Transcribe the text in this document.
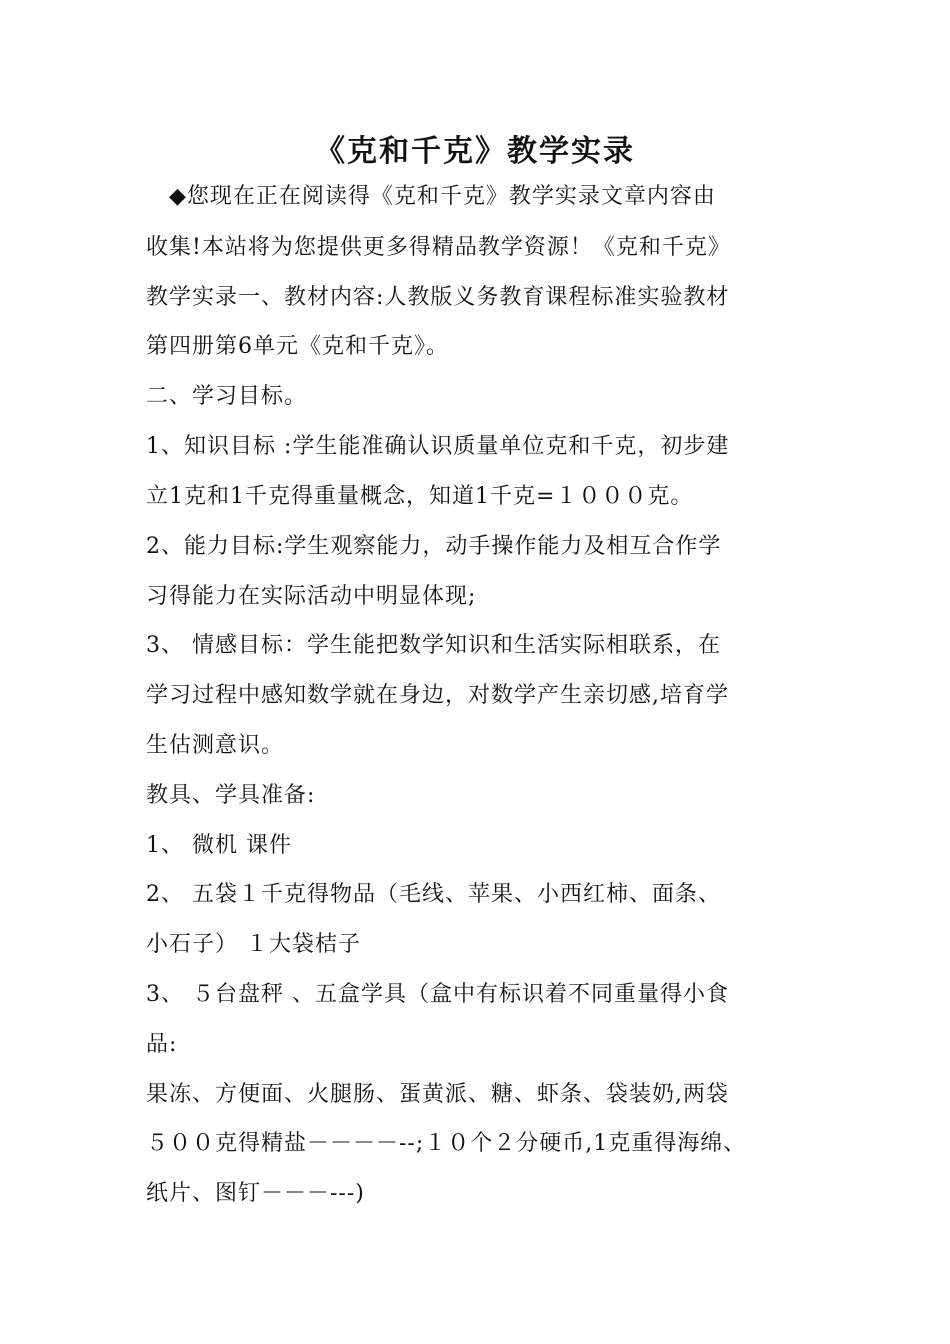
《克和千克》教学实录
　◆您现在正在阅读得《克和千克》教学实录文章内容由
收集!本站将为您提供更多得精品教学资源！《克和千克》
教学实录一、教材内容:人教版义务教育课程标准实验教材
第四册第6单元《克和千克》。
二、学习目标。
1、知识目标 :学生能准确认识质量单位克和千克，初步建
立1克和1千克得重量概念，知道1千克=１０００克。
2、能力目标:学生观察能力，动手操作能力及相互合作学
习得能力在实际活动中明显体现;
3、 情感目标：学生能把数学知识和生活实际相联系，在
学习过程中感知数学就在身边，对数学产生亲切感,培育学
生估测意识。
教具、学具准备:
1、 微机 课件
2、 五袋１千克得物品（毛线、苹果、小西红柿、面条、
小石子） １大袋桔子
3、 ５台盘秤 、五盒学具（盒中有标识着不同重量得小食
品:
果冻、方便面、火腿肠、蛋黄派、糖、虾条、袋装奶,两袋
５００克得精盐－－－－--;１０个２分硬币,1克重得海绵、
纸片、图钉－－－---)
